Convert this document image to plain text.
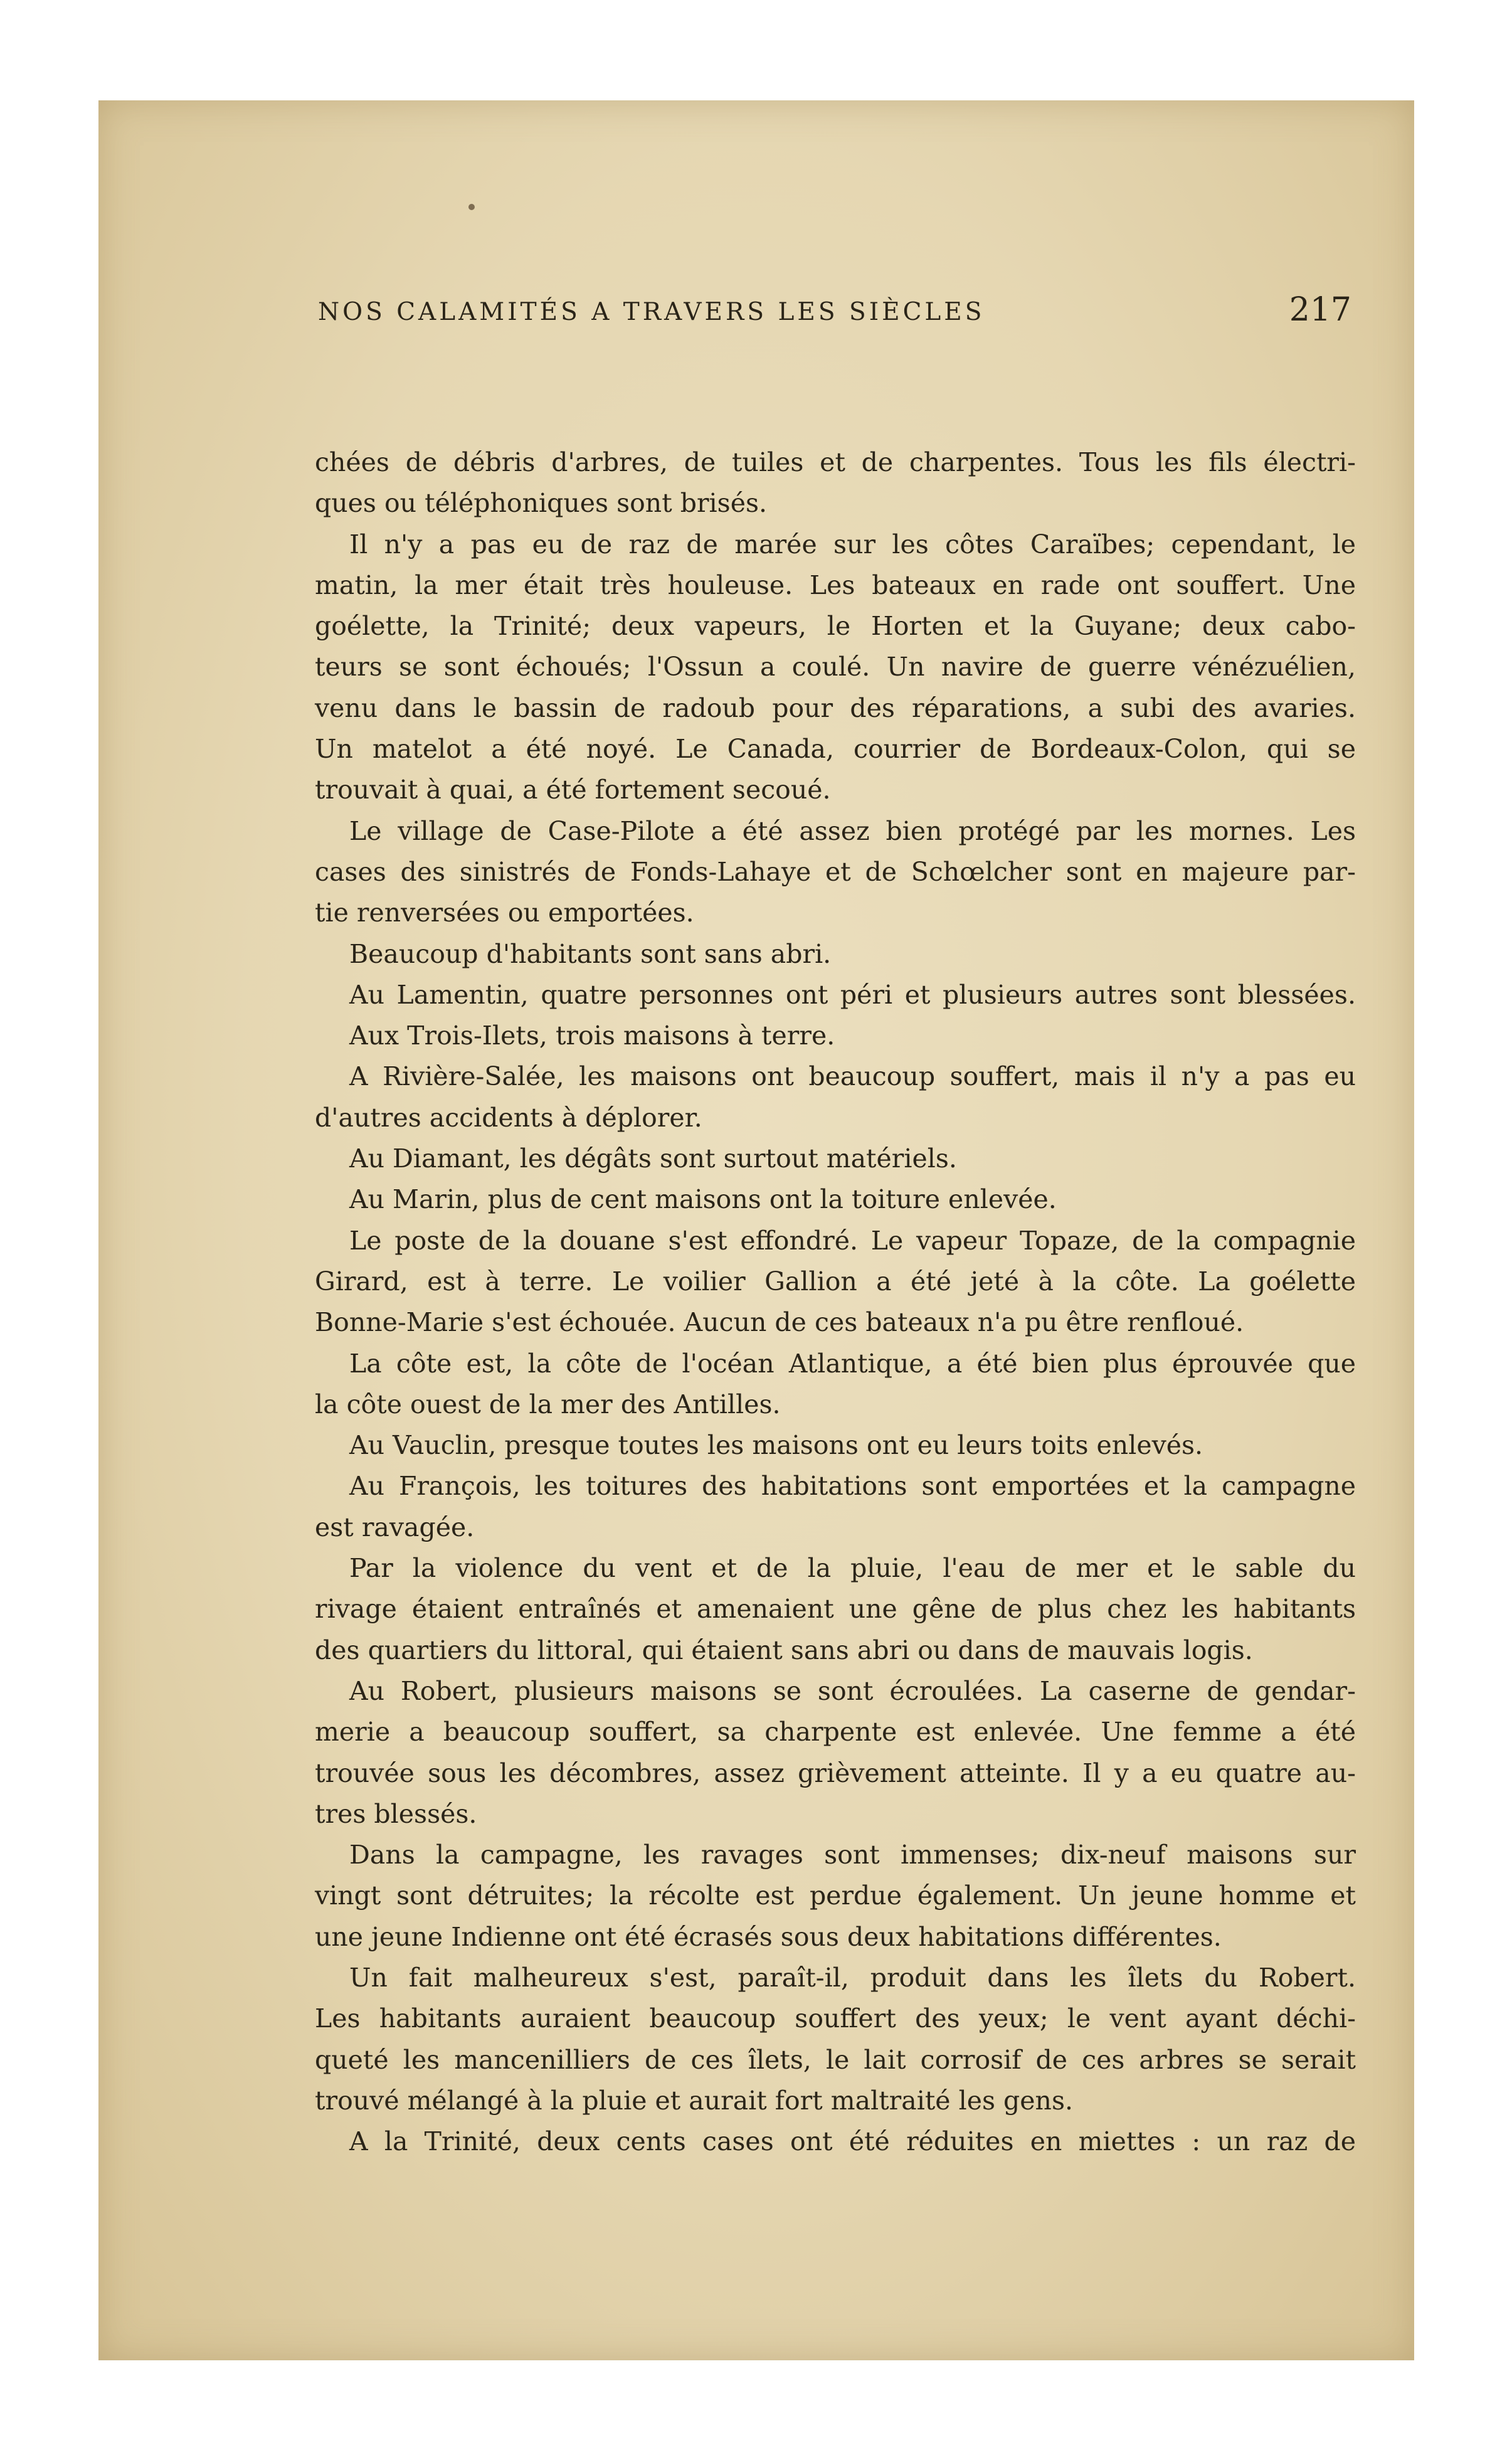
NOS CALAMITÉS A TRAVERS LES SIÈCLES	217
chées de débris d'arbres, de tuiles et de charpentes. Tous les fils électri-
ques ou téléphoniques sont brisés.
Il n'y a pas eu de raz de marée sur les côtes Caraïbes; cependant, le
matin, la mer était très houleuse. Les bateaux en rade ont souffert. Une
goélette, la Trinité; deux vapeurs, le Horten et la Guyane; deux cabo-
teurs se sont échoués; l'Ossun a coulé. Un navire de guerre vénézuélien,
venu dans le bassin de radoub pour des réparations, a subi des avaries.
Un matelot a été noyé. Le Canada, courrier de Bordeaux-Colon, qui se
trouvait à quai, a été fortement secoué.
Le village de Case-Pilote a été assez bien protégé par les mornes. Les
cases des sinistrés de Fonds-Lahaye et de Schœlcher sont en majeure par-
tie renversées ou emportées.
Beaucoup d'habitants sont sans abri.
Au Lamentin, quatre personnes ont péri et plusieurs autres sont blessées.
Aux Trois-Ilets, trois maisons à terre.
A Rivière-Salée, les maisons ont beaucoup souffert, mais il n'y a pas eu
d'autres accidents à déplorer.
Au Diamant, les dégâts sont surtout matériels.
Au Marin, plus de cent maisons ont la toiture enlevée.
Le poste de la douane s'est effondré. Le vapeur Topaze, de la compagnie
Girard, est à terre. Le voilier Gallion a été jeté à la côte. La goélette
Bonne-Marie s'est échouée. Aucun de ces bateaux n'a pu être renfloué.
La côte est, la côte de l'océan Atlantique, a été bien plus éprouvée que
la côte ouest de la mer des Antilles.
Au Vauclin, presque toutes les maisons ont eu leurs toits enlevés.
Au François, les toitures des habitations sont emportées et la campagne
est ravagée.
Par la violence du vent et de la pluie, l'eau de mer et le sable du
rivage étaient entraînés et amenaient une gêne de plus chez les habitants
des quartiers du littoral, qui étaient sans abri ou dans de mauvais logis.
Au Robert, plusieurs maisons se sont écroulées. La caserne de gendar-
merie a beaucoup souffert, sa charpente est enlevée. Une femme a été
trouvée sous les décombres, assez grièvement atteinte. Il y a eu quatre au-
tres blessés.
Dans la campagne, les ravages sont immenses; dix-neuf maisons sur
vingt sont détruites; la récolte est perdue également. Un jeune homme et
une jeune Indienne ont été écrasés sous deux habitations différentes.
Un fait malheureux s'est, paraît-il, produit dans les îlets du Robert.
Les habitants auraient beaucoup souffert des yeux; le vent ayant déchi-
queté les mancenilliers de ces îlets, le lait corrosif de ces arbres se serait
trouvé mélangé à la pluie et aurait fort maltraité les gens.
A la Trinité, deux cents cases ont été réduites en miettes : un raz de
